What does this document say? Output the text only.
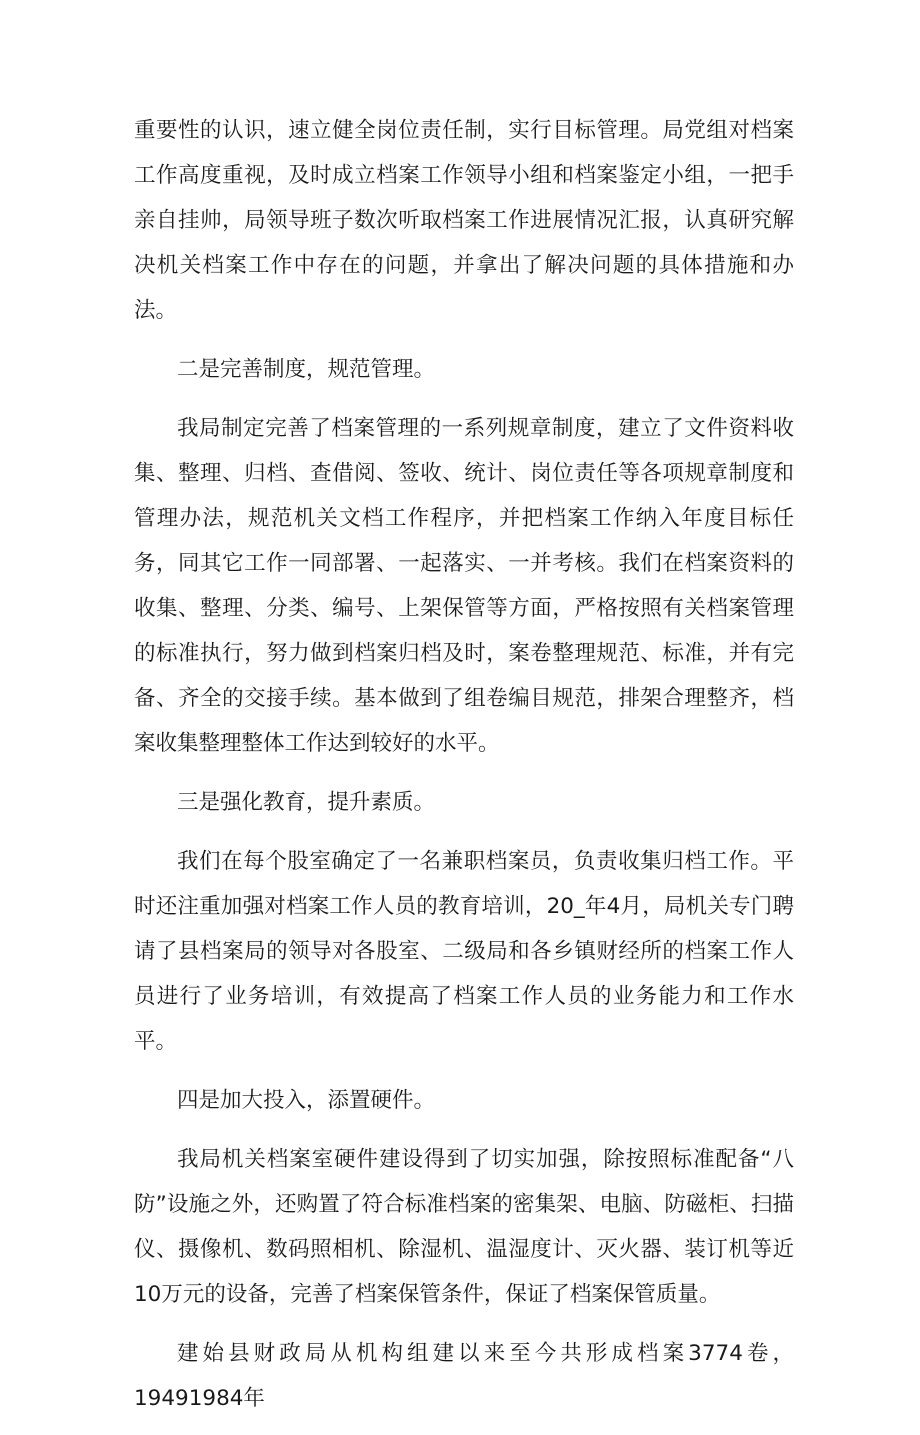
重要性的认识，速立健全岗位责任制，实行目标管理。局党组对档案工作高度重视，及时成立档案工作领导小组和档案鉴定小组，一把手亲自挂帅，局领导班子数次听取档案工作进展情况汇报，认真研究解决机关档案工作中存在的问题，并拿出了解决问题的具体措施和办法。

二是完善制度，规范管理。

我局制定完善了档案管理的一系列规章制度，建立了文件资料收集、整理、归档、查借阅、签收、统计、岗位责任等各项规章制度和管理办法，规范机关文档工作程序，并把档案工作纳入年度目标任务，同其它工作一同部署、一起落实、一并考核。我们在档案资料的收集、整理、分类、编号、上架保管等方面，严格按照有关档案管理的标准执行，努力做到档案归档及时，案卷整理规范、标准，并有完备、齐全的交接手续。基本做到了组卷编目规范，排架合理整齐，档案收集整理整体工作达到较好的水平。

三是强化教育，提升素质。

我们在每个股室确定了一名兼职档案员，负责收集归档工作。平时还注重加强对档案工作人员的教育培训，20_年4月，局机关专门聘请了县档案局的领导对各股室、二级局和各乡镇财经所的档案工作人员进行了业务培训，有效提高了档案工作人员的业务能力和工作水平。

四是加大投入，添置硬件。

我局机关档案室硬件建设得到了切实加强，除按照标准配备“八防”设施之外，还购置了符合标准档案的密集架、电脑、防磁柜、扫描仪、摄像机、数码照相机、除湿机、温湿度计、灭火器、装订机等近10万元的设备，完善了档案保管条件，保证了档案保管质量。

建始县财政局从机构组建以来至今共形成档案3774卷，19491984年
